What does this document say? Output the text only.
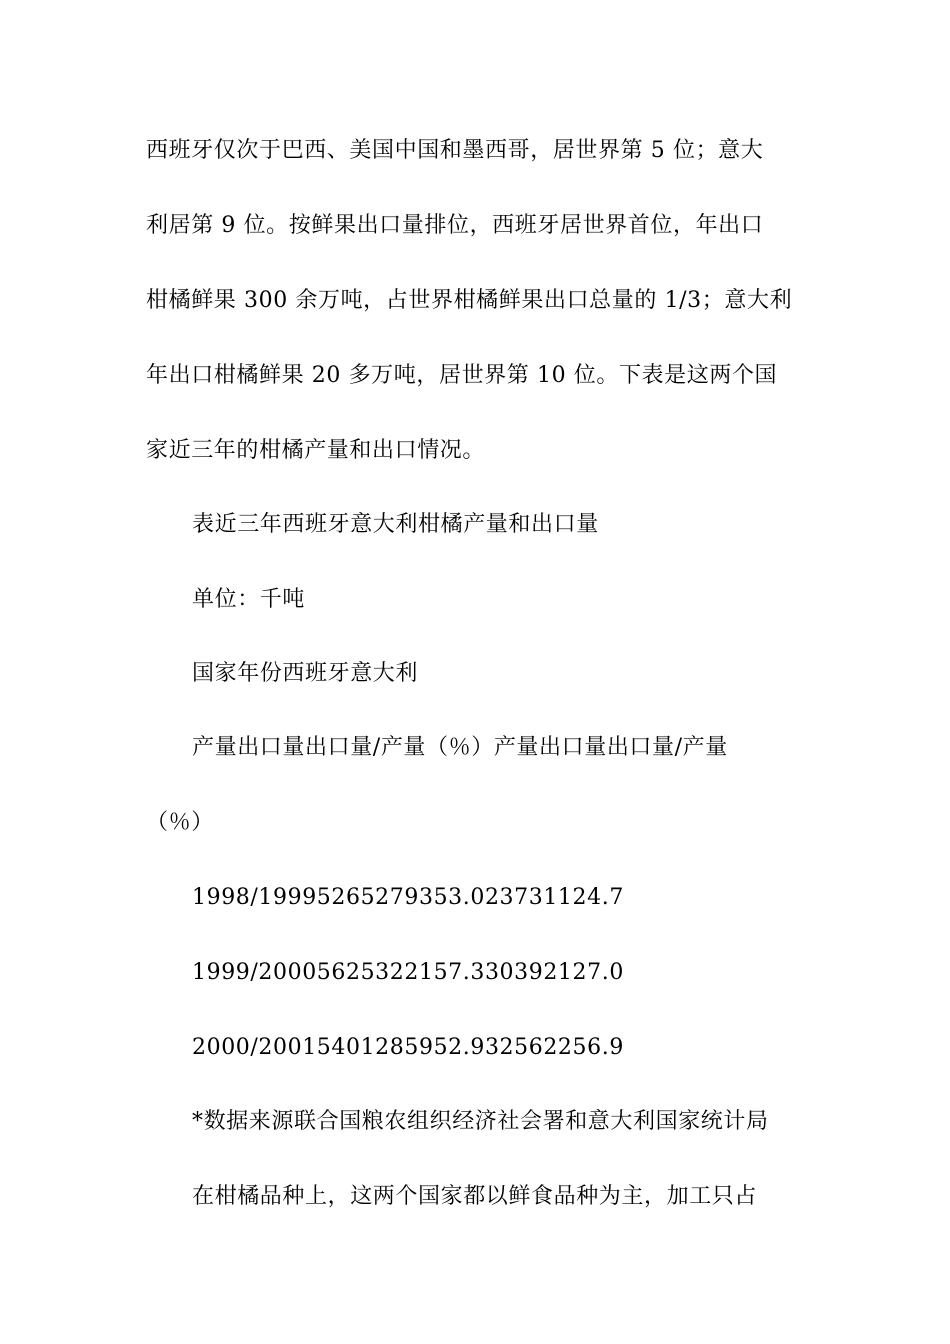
西班牙仅次于巴西、美国中国和墨西哥，居世界第 5 位；意大
利居第 9 位。按鲜果出口量排位，西班牙居世界首位，年出口
柑橘鲜果 300 余万吨，占世界柑橘鲜果出口总量的 1/3；意大利
年出口柑橘鲜果 20 多万吨，居世界第 10 位。下表是这两个国
家近三年的柑橘产量和出口情况。
表近三年西班牙意大利柑橘产量和出口量
单位：千吨
国家年份西班牙意大利
产量出口量出口量/产量（％）产量出口量出口量/产量
（％）
1998/19995265279353.023731124.7
1999/20005625322157.330392127.0
2000/20015401285952.932562256.9
*数据来源联合国粮农组织经济社会署和意大利国家统计局
在柑橘品种上，这两个国家都以鲜食品种为主，加工只占
